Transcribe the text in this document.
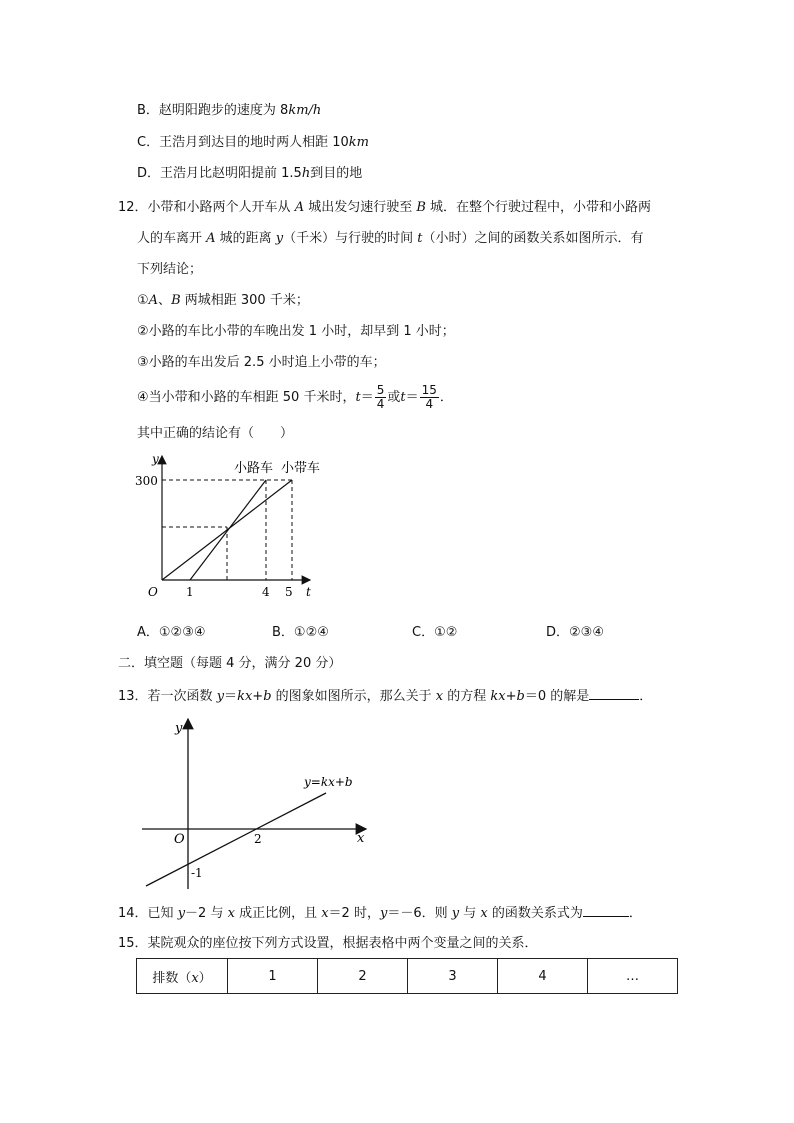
B．赵明阳跑步的速度为 8km/h
C．王浩月到达目的地时两人相距 10km
D．王浩月比赵明阳提前 1.5h到目的地
12．小带和小路两个人开车从 A 城出发匀速行驶至 B 城．在整个行驶过程中，小带和小路两
人的车离开 A 城的距离 y（千米）与行驶的时间 t（小时）之间的函数关系如图所示．有
下列结论；
①A、B 两城相距 300 千米；
②小路的车比小带的车晚出发 1 小时，却早到 1 小时；
③小路的车出发后 2.5 小时追上小带的车；
④当小带和小路的车相距 50 千米时，$t= \frac{5}{4}$ 或$t= \frac{15}{4}$ ．
其中正确的结论有（　　）
y
t
O
300
1	4 5
小路车 小带车
A．①②③④	B．①②④	C．①②	D．②③④
二．填空题（每题 4 分，满分 20 分）
13．若一次函数 y＝kx+b 的图象如图所示，那么关于 x 的方程 kx+b＝0 的解是	．
y
x
O	2
-1
y=kx+b
14．已知 y－2 与 x 成正比例，且 x＝2 时，y＝－6．则 y 与 x 的函数关系式为	．
15．某院观众的座位按下列方式设置，根据表格中两个变量之间的关系．
排数（x）	1	2	3	4	…
